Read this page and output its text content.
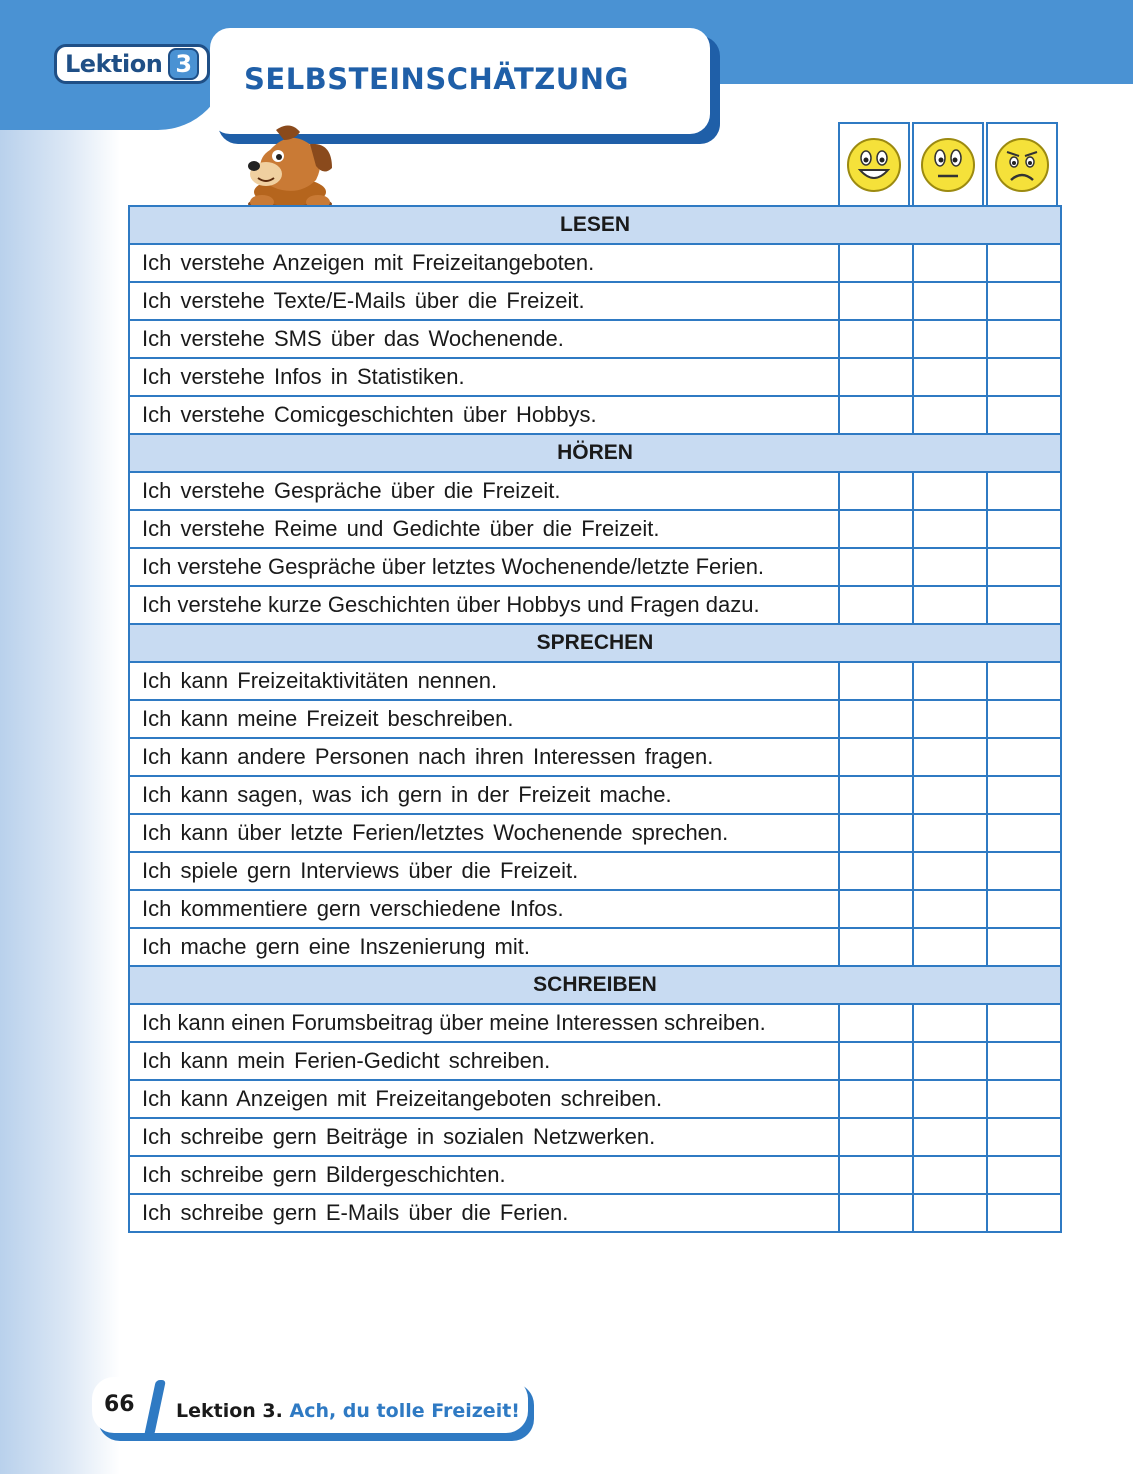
Lektion 3 SELBSTEINSCHÄTZUNG
LESEN			
Ich verstehe Anzeigen mit Freizeitangeboten.			
Ich verstehe Texte/E-Mails über die Freizeit.			
Ich verstehe SMS über das Wochenende.			
Ich verstehe Infos in Statistiken.			
Ich verstehe Comicgeschichten über Hobbys.			
HÖREN			
Ich verstehe Gespräche über die Freizeit.			
Ich verstehe Reime und Gedichte über die Freizeit.			
Ich verstehe Gespräche über letztes Wochenende/letzte Ferien.			
Ich verstehe kurze Geschichten über Hobbys und Fragen dazu.			
SPRECHEN			
Ich kann Freizeitaktivitäten nennen.			
Ich kann meine Freizeit beschreiben.			
Ich kann andere Personen nach ihren Interessen fragen.			
Ich kann sagen, was ich gern in der Freizeit mache.			
Ich kann über letzte Ferien/letztes Wochenende sprechen.			
Ich spiele gern Interviews über die Freizeit.			
Ich kommentiere gern verschiedene Infos.			
Ich mache gern eine Inszenierung mit.			
SCHREIBEN			
Ich kann einen Forumsbeitrag über meine Interessen schreiben.			
Ich kann mein Ferien-Gedicht schreiben.			
Ich kann Anzeigen mit Freizeitangeboten schreiben.			
Ich schreibe gern Beiträge in sozialen Netzwerken.			
Ich schreibe gern Bildergeschichten.			
Ich schreibe gern E-Mails über die Ferien.			
66 Lektion 3. Ach, du tolle Freizeit!
